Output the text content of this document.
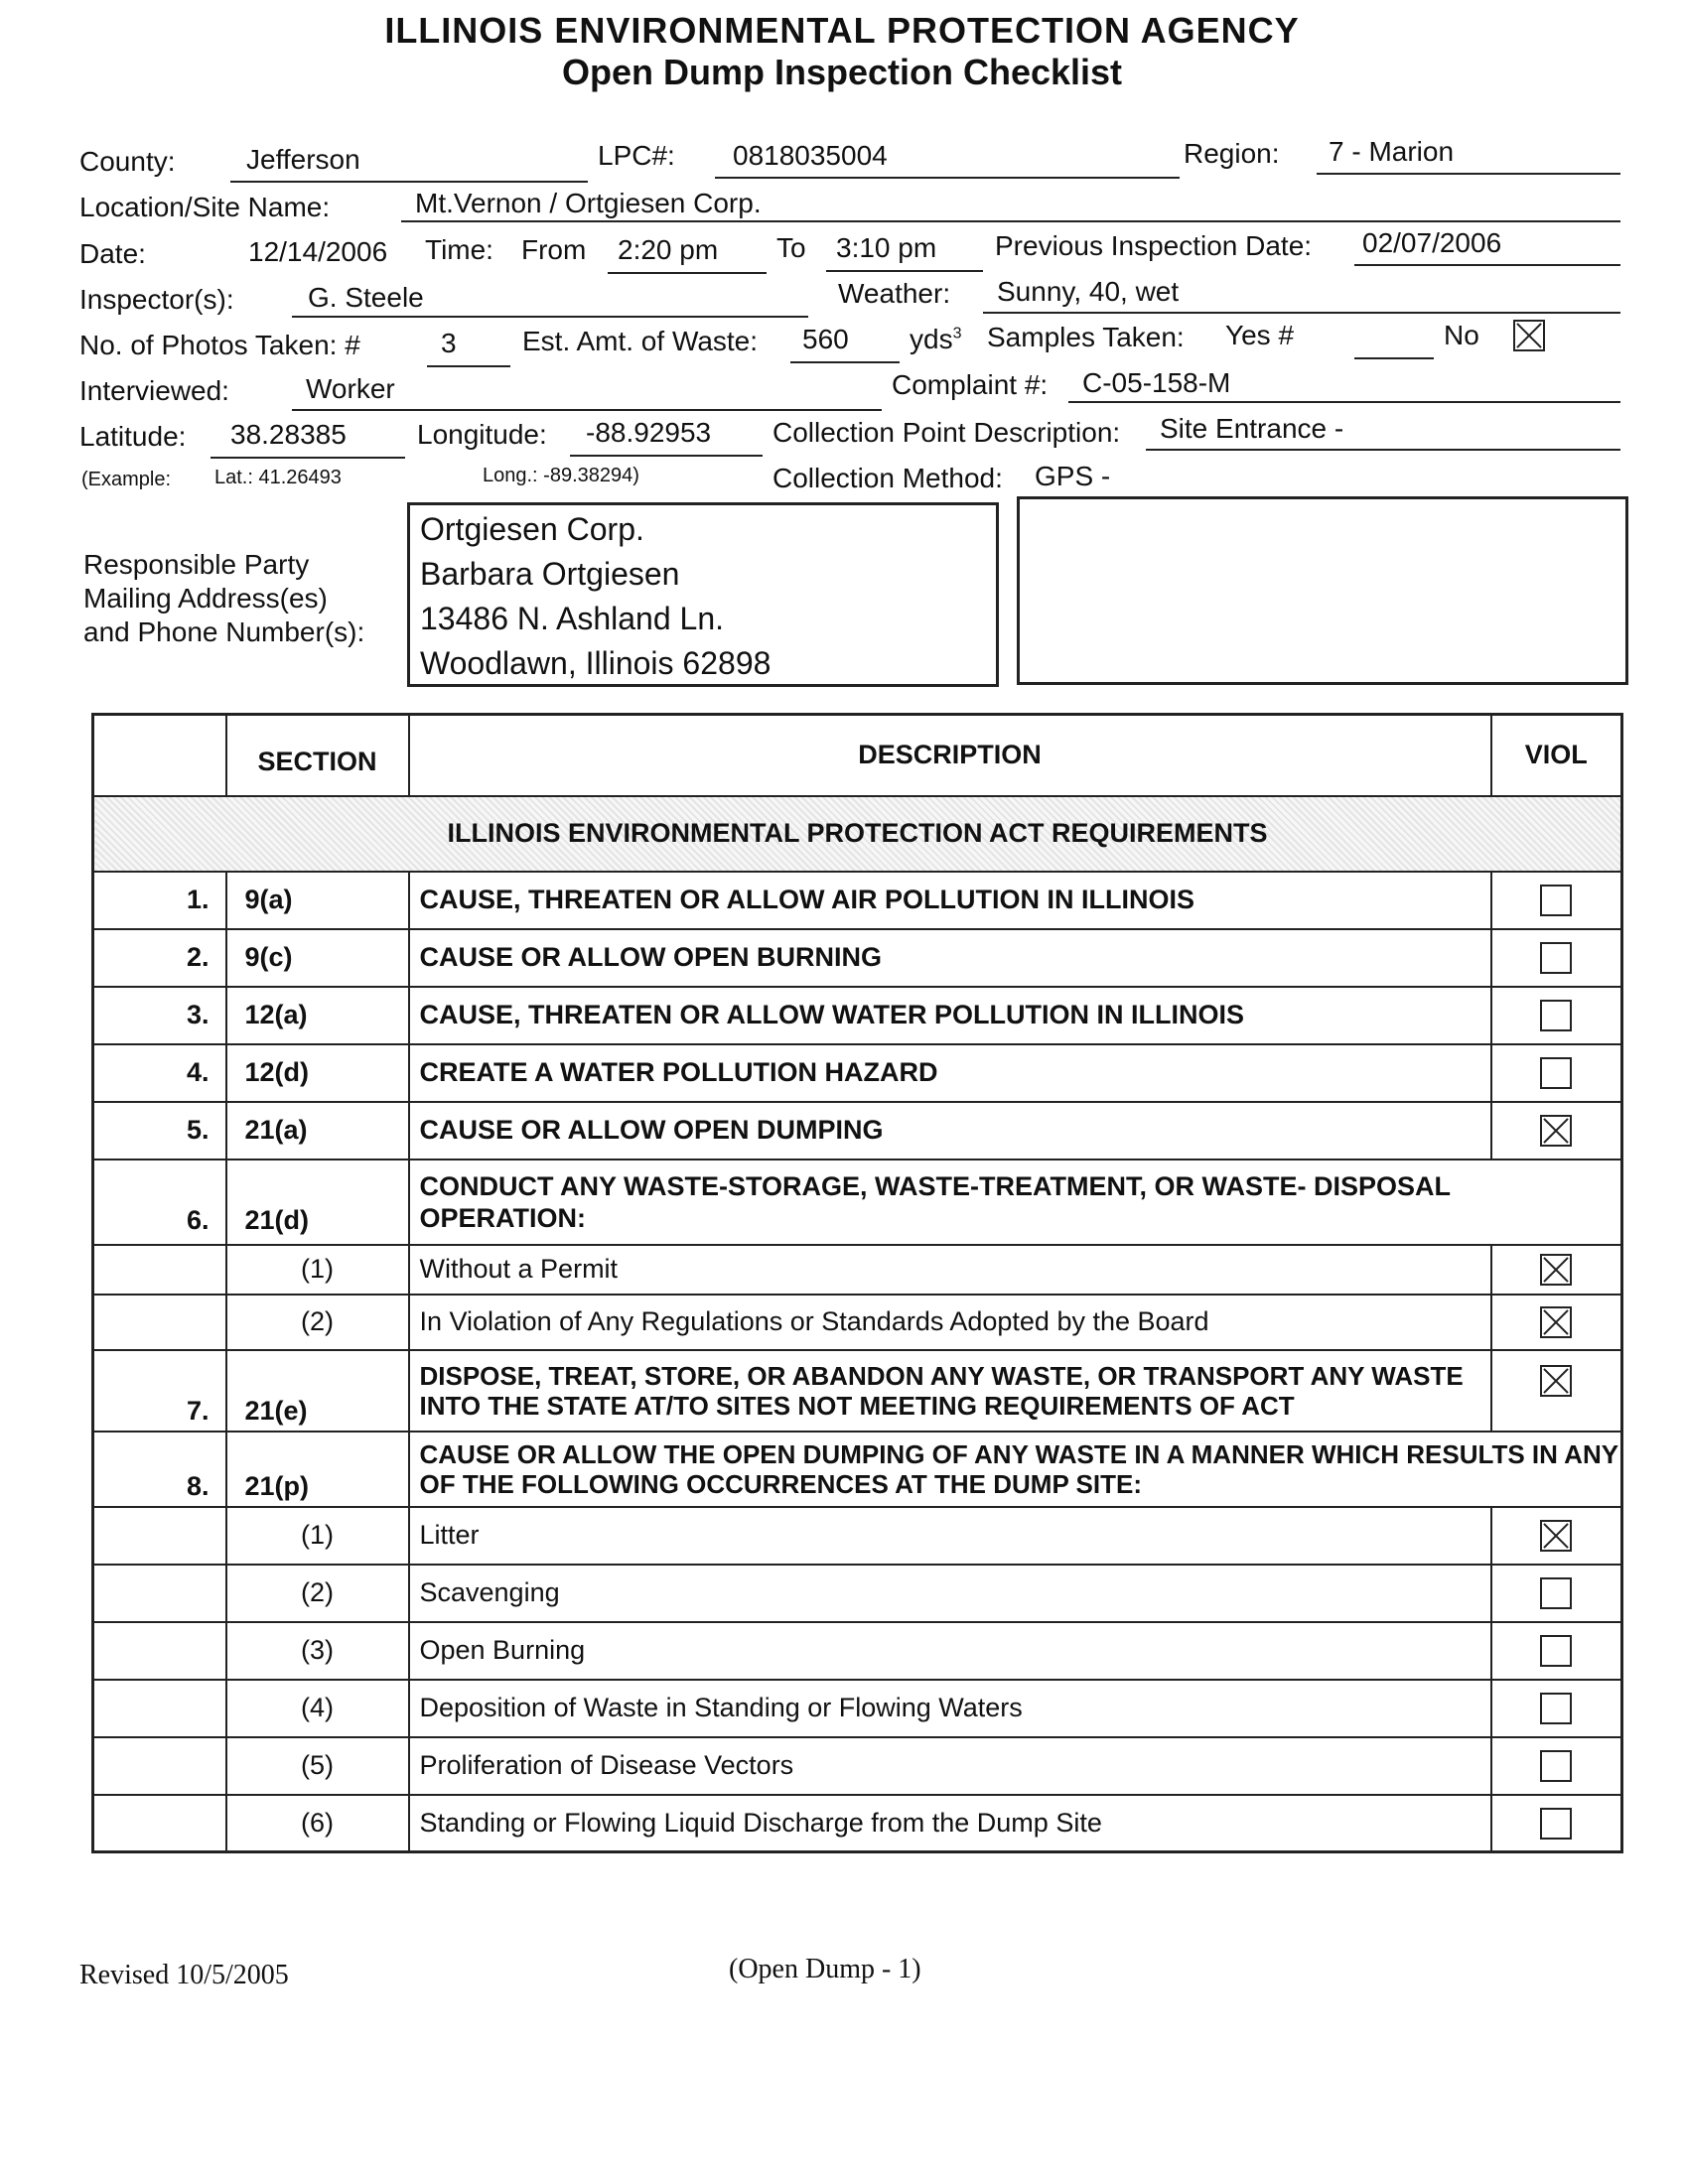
ILLINOIS ENVIRONMENTAL PROTECTION AGENCY
Open Dump Inspection Checklist
County:	Jefferson	LPC#: 0818035004	Region: 7 - Marion
Location/Site Name:	Mt.Vernon / Ortgiesen Corp.
Date:	12/14/2006 Time: From 2:20 pm To 3:10 pm Previous Inspection Date: 02/07/2006
Inspector(s):	G. Steele	Weather: Sunny, 40, wet
No. of Photos Taken: #	3 Est. Amt. of Waste: 560 yds$^3$ Samples Taken: Yes #	No
Interviewed:	Worker	Complaint #: C-05-158-M
Latitude: 38.28385	Longitude: -88.92953 Collection Point Description: Site Entrance -
(Example: Lat.: 41.26493	Long.: -89.38294)	Collection Method: GPS -
Responsible Party
Mailing Address(es)
and Phone Number(s):
Ortgiesen Corp.
Barbara Ortgiesen
13486 N. Ashland Ln.
Woodlawn, Illinois 62898
	SECTION	DESCRIPTION	VIOL
ILLINOIS ENVIRONMENTAL PROTECTION ACT REQUIREMENTS			
1.	9(a)	CAUSE, THREATEN OR ALLOW AIR POLLUTION IN ILLINOIS	
2.	9(c)	CAUSE OR ALLOW OPEN BURNING	
3.	12(a)	CAUSE, THREATEN OR ALLOW WATER POLLUTION IN ILLINOIS	
4.	12(d)	CREATE A WATER POLLUTION HAZARD	
5.	21(a)	CAUSE OR ALLOW OPEN DUMPING	
6.	21(d)	CONDUCT ANY WASTE-STORAGE, WASTE-TREATMENT, OR WASTE- DISPOSAL OPERATION:	
	(1)	Without a Permit	
	(2)	In Violation of Any Regulations or Standards Adopted by the Board	
7.	21(e)	DISPOSE, TREAT, STORE, OR ABANDON ANY WASTE, OR TRANSPORT ANY WASTE INTO THE STATE AT/TO SITES NOT MEETING REQUIREMENTS OF ACT	
8.	21(p)	CAUSE OR ALLOW THE OPEN DUMPING OF ANY WASTE IN A MANNER WHICH RESULTS IN ANY OF THE FOLLOWING OCCURRENCES AT THE DUMP SITE:	
	(1)	Litter	
	(2)	Scavenging	
	(3)	Open Burning	
	(4)	Deposition of Waste in Standing or Flowing Waters	
	(5)	Proliferation of Disease Vectors	
	(6)	Standing or Flowing Liquid Discharge from the Dump Site	
Revised 10/5/2005	(Open Dump - 1)
